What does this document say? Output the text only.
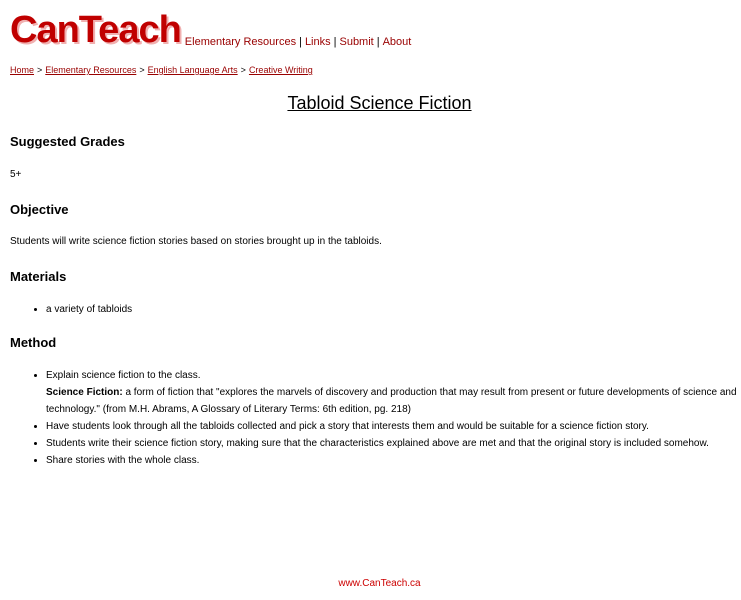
CanTeach Elementary Resources | Links | Submit | About
Home > Elementary Resources > English Language Arts > Creative Writing
Tabloid Science Fiction
Suggested Grades

5+

Objective

Students will write science fiction stories based on stories brought up in the tabloids.

Materials
• a variety of tabloids
Method
• Explain science fiction to the class.
Science Fiction: a form of fiction that "explores the marvels of discovery and production that may result from present or future developments of science and technology." (from M.H. Abrams, A Glossary of Literary Terms: 6th edition, pg. 218)
• Have students look through all the tabloids collected and pick a story that interests them and would be suitable for a science fiction story.
• Students write their science fiction story, making sure that the characteristics explained above are met and that the original story is included somehow.
• Share stories with the whole class.
www.CanTeach.ca
